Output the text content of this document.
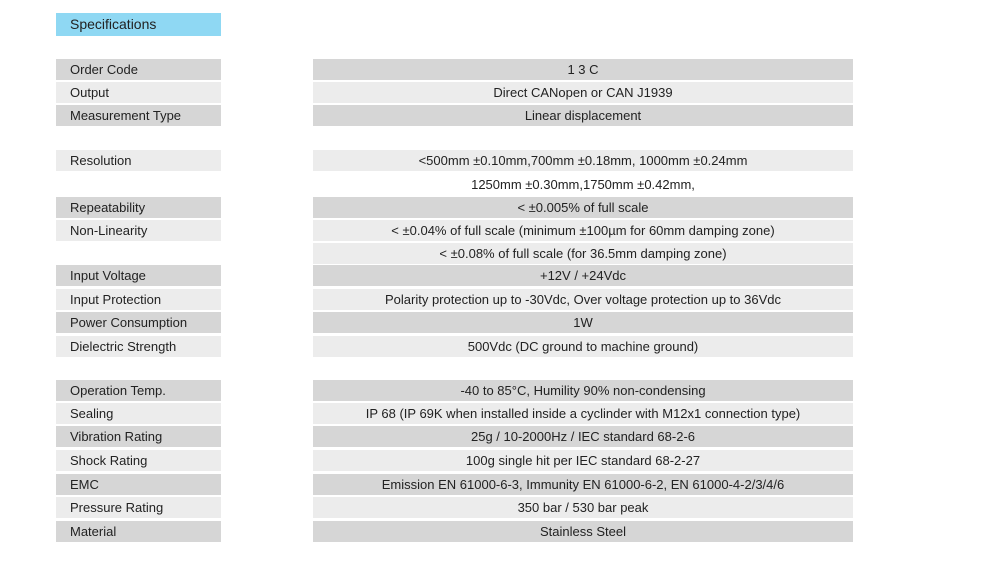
Specifications
Order Code	1 3 C
Output	Direct CANopen or CAN J1939
Measurement Type	Linear displacement
Resolution	<500mm ±0.10mm,700mm ±0.18mm, 1000mm ±0.24mm
1250mm ±0.30mm,1750mm ±0.42mm,
Repeatability	< ±0.005% of full scale
Non-Linearity	< ±0.04% of full scale (minimum ±100µm for 60mm damping zone)
< ±0.08% of full scale (for 36.5mm damping zone)
Input Voltage	+12V / +24Vdc
Input Protection	Polarity protection up to -30Vdc, Over voltage protection up to 36Vdc
Power Consumption	1W
Dielectric Strength	500Vdc (DC ground to machine ground)
Operation Temp.	-40 to 85°C, Humility 90% non-condensing
Sealing	IP 68 (IP 69K when installed inside a cyclinder with M12x1 connection type)
Vibration Rating	25g / 10-2000Hz / IEC standard 68-2-6
Shock Rating	100g single hit per IEC standard 68-2-27
EMC	Emission EN 61000-6-3, Immunity EN 61000-6-2, EN 61000-4-2/3/4/6
Pressure Rating	350 bar / 530 bar peak
Material	Stainless Steel
